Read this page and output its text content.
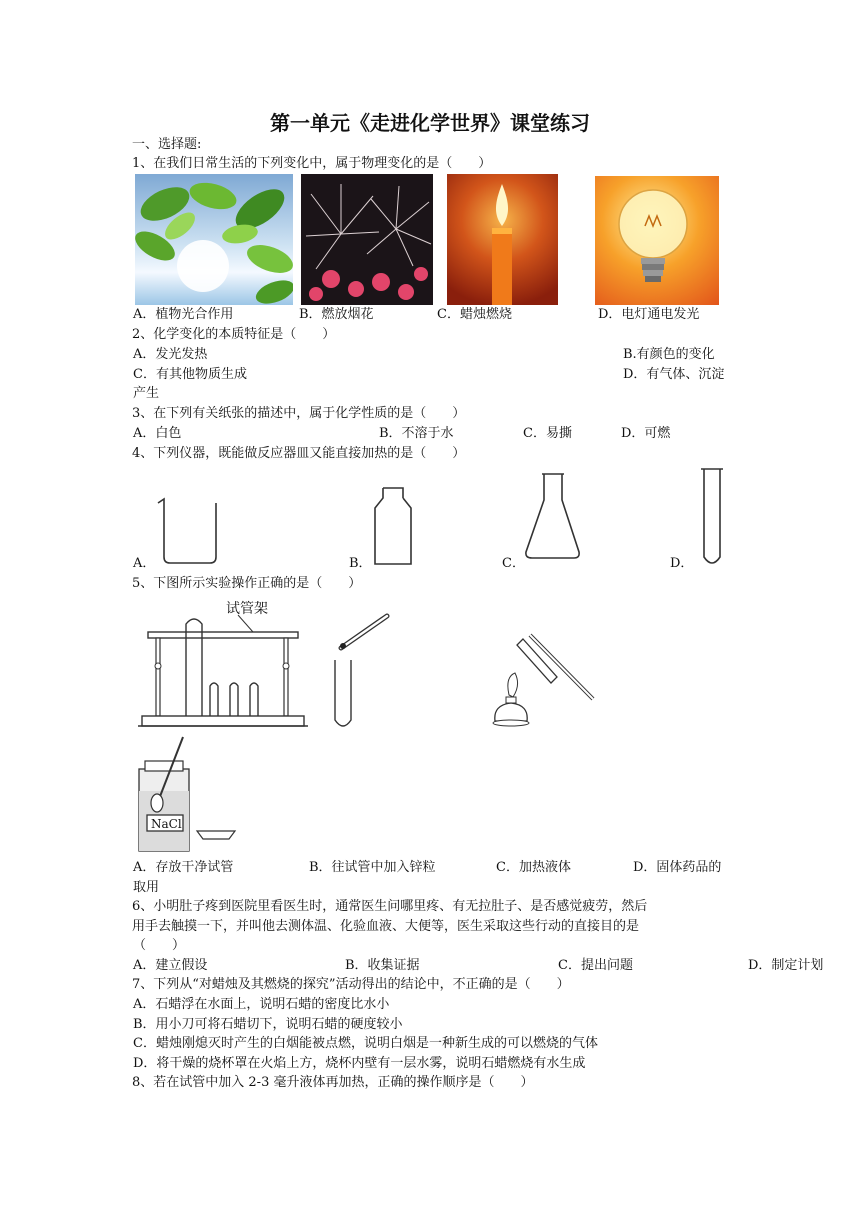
第一单元《走进化学世界》课堂练习
一、选择题:
1、在我们日常生活的下列变化中，属于物理变化的是（　　）
A．植物光合作用	B．燃放烟花	C．蜡烛燃烧	D．电灯通电发光
2、化学变化的本质特征是（　　）
A．发光发热	B.有颜色的变化
C．有其他物质生成	D．有气体、沉淀
产生
3、在下列有关纸张的描述中，属于化学性质的是（　　）
A．白色	B．不溶于水	C．易撕	D．可燃
4、下列仪器，既能做反应器皿又能直接加热的是（　　）
A．	B．	C．	D．
5、下图所示实验操作正确的是（　　）
试管架
NaCl
A．存放干净试管	B．往试管中加入锌粒	C．加热液体	D．固体药品的
取用
6、小明肚子疼到医院里看医生时，通常医生问哪里疼、有无拉肚子、是否感觉疲劳，然后
用手去触摸一下，并叫他去测体温、化验血液、大便等，医生采取这些行动的直接目的是
（　　）
A．建立假设	B．收集证据	C．提出问题	D．制定计划
7、下列从“对蜡烛及其燃烧的探究”活动得出的结论中，不正确的是（　　）
A．石蜡浮在水面上，说明石蜡的密度比水小
B．用小刀可将石蜡切下，说明石蜡的硬度较小
C．蜡烛刚熄灭时产生的白烟能被点燃，说明白烟是一种新生成的可以燃烧的气体
D．将干燥的烧杯罩在火焰上方，烧杯内壁有一层水雾，说明石蜡燃烧有水生成
8、若在试管中加入 2-3 毫升液体再加热，正确的操作顺序是（　　）
